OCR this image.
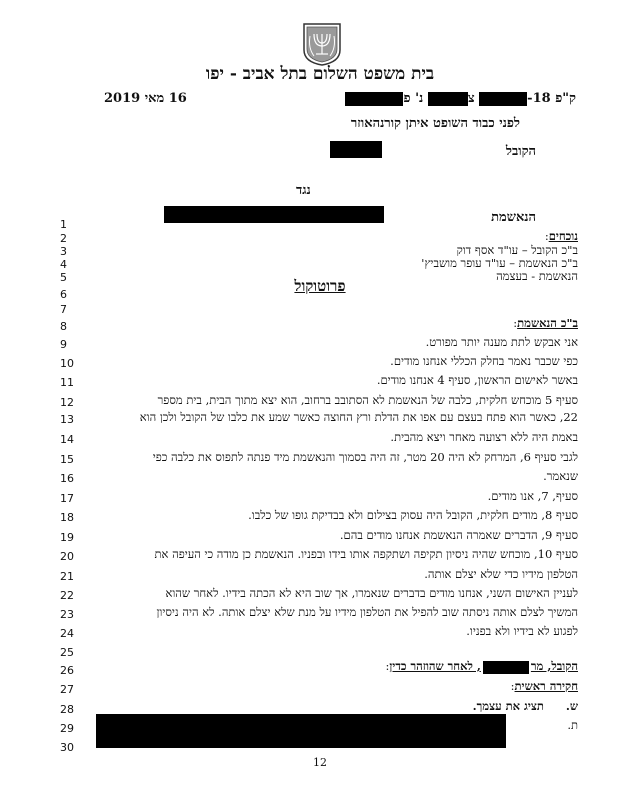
בית משפט השלום בתל אביב - יפו
16 מאי 2019	ק"פ 18- צ נ' פ
לפני כבוד השופט איתן קורנהאוזר
הקובל
נגד
הנאשמת
1
2
3
4
5
6
7
8
9
10
11
12
13
14
15
16
17
18
19
20
21
22
23
24
25
26
27
28
29
30
נוכחים:
ב"כ הקובל – עו"ד אסף דוק
ב"כ הנאשמת – עו"ד עופר מושביץ'
הנאשמת - בעצמה
פרוטוקול
ב"כ הנאשמת:
אני אבקש לתת מענה יותר מפורט.
כפי שכבר נאמר בחלק הכללי אנחנו מודים.
באשר לאישום הראשון, סעיף 4 אנחנו מודים.
סעיף 5 מוכחש חלקית, כלבה של הנאשמת לא הסתובב ברחוב, הוא יצא מתוך הבית, בית מספר
22, כאשר הוא פתח בעצם עם אפו את הדלת ורץ החוצה כאשר שמע את כלבו של הקובל ולכן הוא
באמת היה ללא רצועה מאחר ויצא מהבית.
לגבי סעיף 6, המרחק לא היה 20 מטר, זה היה בסמוך והנאשמת מיד פנתה לתפוס את כלבה כפי
שנאמר.
סעיף, 7, אנו מודים.
סעיף 8, מודים חלקית, הקובל היה עסוק בצילום ולא בבדיקת גופו של כלבו.
סעיף 9, הדברים שאמרה הנאשמת אנחנו מודים בהם.
סעיף 10, מוכחש שהיה ניסיון תקיפה ושתקפה אותו בידו ובפניו. הנאשמת כן מודה כי העיפה את
הטלפון מידיו כדי שלא יצלם אותה.
לעניין האישום השני, אנחנו מודים בדברים שנאמרו, אך שוב היא לא הכתה בידיו. לאחר שהוא
המשיך לצלם אותה ניסתה שוב להפיל את הטלפון מידיו על מנת שלא יצלם אותה. לא היה ניסיון
לפגוע לא בידיו ולא בפניו.
הקובל, מר, לאחר שהוזהר כדין:
חקירה ראשית:
ש.      תציג את עצמך.
ת.
12
